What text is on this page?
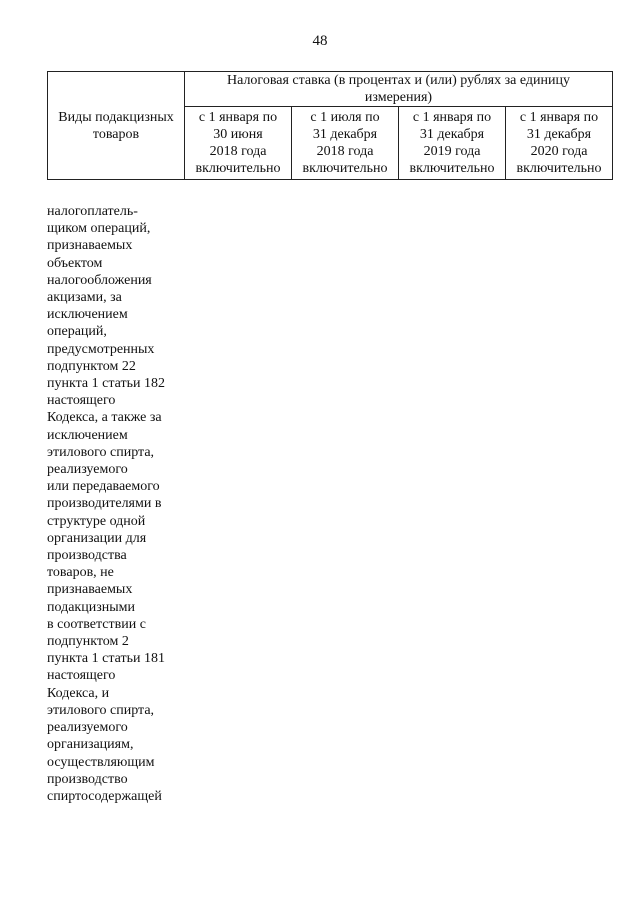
48
Виды подакцизных
товаров	Налоговая ставка (в процентах и (или) рублях за единицу
измерения)			

	с 1 января по
30 июня
2018 года
включительно	с 1 июля по
31 декабря
2018 года
включительно	с 1 января по
31 декабря
2019 года
включительно	с 1 января по
31 декабря
2020 года
включительно
налогоплатель-
щиком операций,
признаваемых
объектом
налогообложения
акцизами, за
исключением
операций,
предусмотренных
подпунктом 22
пункта 1 статьи 182
настоящего
Кодекса, а также за
исключением
этилового спирта,
реализуемого
или передаваемого
производителями в
структуре одной
организации для
производства
товаров, не
признаваемых
подакцизными
в соответствии с
подпунктом 2
пункта 1 статьи 181
настоящего
Кодекса, и
этилового спирта,
реализуемого
организациям,
осуществляющим
производство
спиртосодержащей
